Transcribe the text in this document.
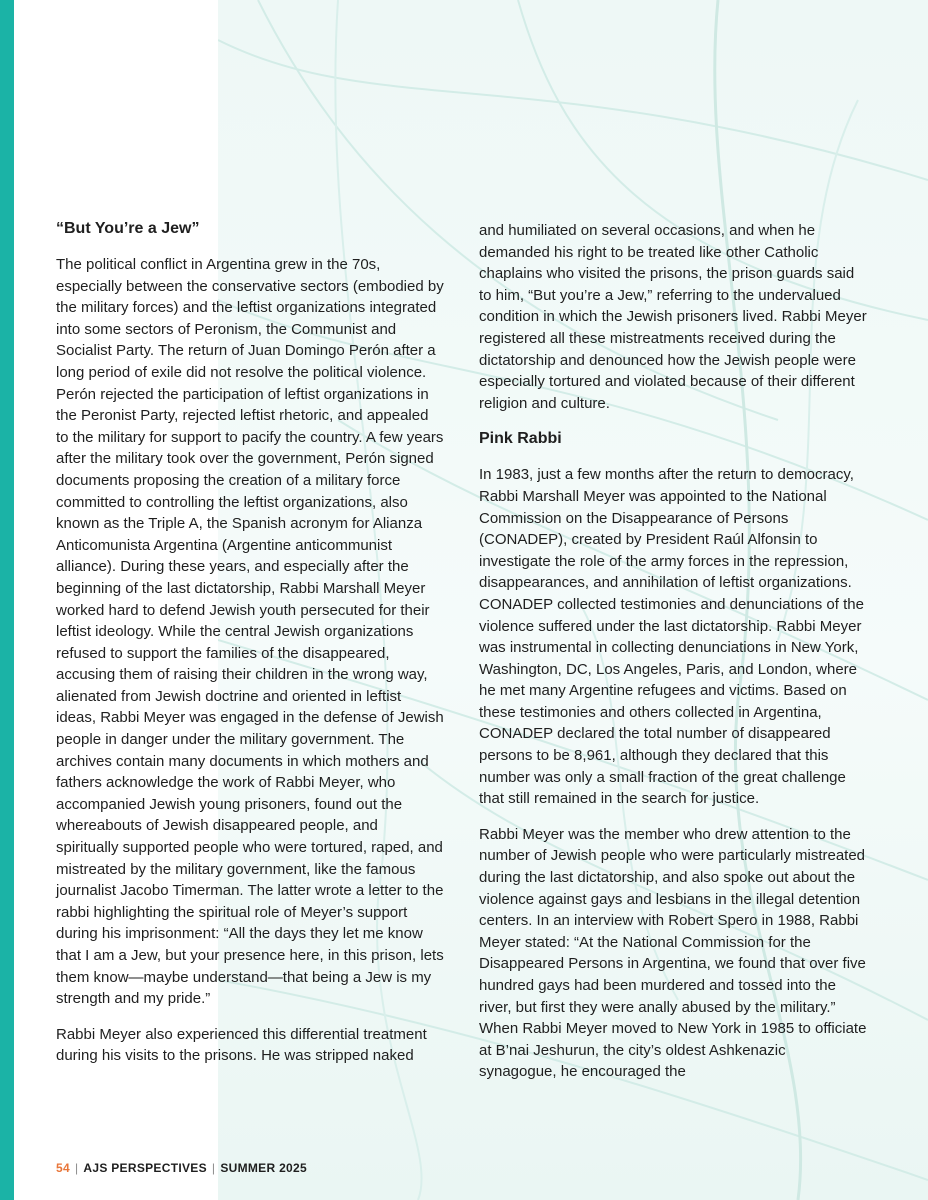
“But You’re a Jew”

The political conflict in Argentina grew in the 70s, especially between the conservative sectors (embodied by the military forces) and the leftist organizations integrated into some sectors of Peronism, the Communist and Socialist Party. The return of Juan Domingo Perón after a long period of exile did not resolve the political violence. Perón rejected the participation of leftist organizations in the Peronist Party, rejected leftist rhetoric, and appealed to the military for support to pacify the country. A few years after the military took over the government, Perón signed documents proposing the creation of a military force committed to controlling the leftist organizations, also known as the Triple A, the Spanish acronym for Alianza Anticomunista Argentina (Argentine anticommunist alliance). During these years, and especially after the beginning of the last dictatorship, Rabbi Marshall Meyer worked hard to defend Jewish youth persecuted for their leftist ideology. While the central Jewish organizations refused to support the families of the disappeared, accusing them of raising their children in the wrong way, alienated from Jewish doctrine and oriented in leftist ideas, Rabbi Meyer was engaged in the defense of Jewish people in danger under the military government. The archives contain many documents in which mothers and fathers acknowledge the work of Rabbi Meyer, who accompanied Jewish young prisoners, found out the whereabouts of Jewish disappeared people, and spiritually supported people who were tortured, raped, and mistreated by the military government, like the famous journalist Jacobo Timerman. The latter wrote a letter to the rabbi highlighting the spiritual role of Meyer’s support during his imprisonment: “All the days they let me know that I am a Jew, but your presence here, in this prison, lets them know—maybe understand—that being a Jew is my strength and my pride.”

Rabbi Meyer also experienced this differential treatment during his visits to the prisons. He was stripped naked

and humiliated on several occasions, and when he demanded his right to be treated like other Catholic chaplains who visited the prisons, the prison guards said to him, “But you’re a Jew,” referring to the undervalued condition in which the Jewish prisoners lived. Rabbi Meyer registered all these mistreatments received during the dictatorship and denounced how the Jewish people were especially tortured and violated because of their different religion and culture.

Pink Rabbi

In 1983, just a few months after the return to democracy, Rabbi Marshall Meyer was appointed to the National Commission on the Disappearance of Persons (CONADEP), created by President Raúl Alfonsin to investigate the role of the army forces in the repression, disappearances, and annihilation of leftist organizations. CONADEP collected testimonies and denunciations of the violence suffered under the last dictatorship. Rabbi Meyer was instrumental in collecting denunciations in New York, Washington, DC, Los Angeles, Paris, and London, where he met many Argentine refugees and victims. Based on these testimonies and others collected in Argentina, CONADEP declared the total number of disappeared persons to be 8,961, although they declared that this number was only a small fraction of the great challenge that still remained in the search for justice.

Rabbi Meyer was the member who drew attention to the number of Jewish people who were particularly mistreated during the last dictatorship, and also spoke out about the violence against gays and lesbians in the illegal detention centers. In an interview with Robert Spero in 1988, Rabbi Meyer stated: “At the National Commission for the Disappeared Persons in Argentina, we found that over five hundred gays had been murdered and tossed into the river, but first they were anally abused by the military.” When Rabbi Meyer moved to New York in 1985 to officiate at B’nai Jeshurun, the city’s oldest Ashkenazic synagogue, he encouraged the

54 | AJS PERSPECTIVES | SUMMER 2025
